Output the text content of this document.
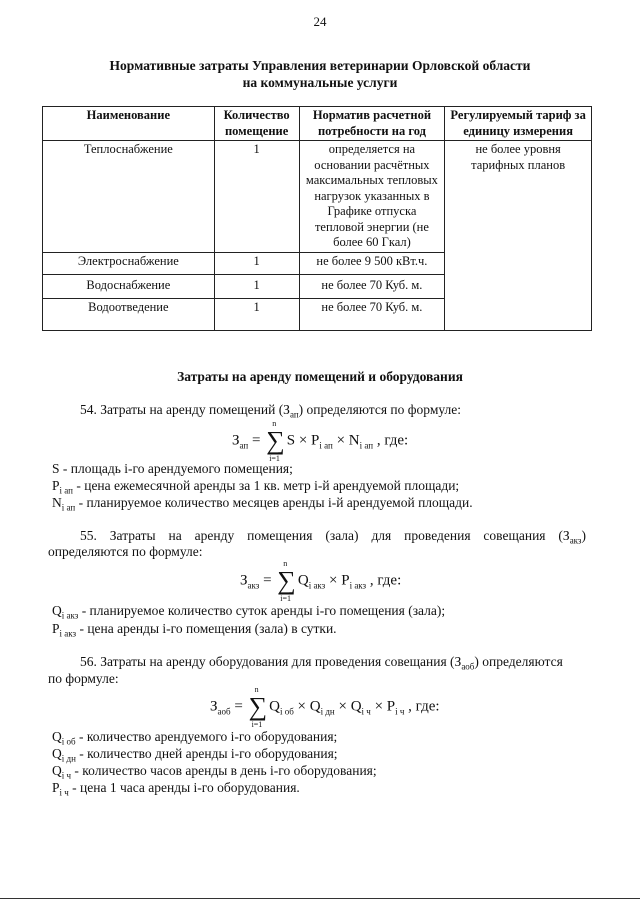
24
Нормативные затраты Управления ветеринарии Орловской области
на коммунальные услуги
Наименование	Количество помещение	Норматив расчетной потребности на год	Регулируемый тариф за единицу измерения
Теплоснабжение	1	определяется на основании расчётных максимальных тепловых нагрузок указанных в Графике отпуска тепловой энергии (не более 60 Гкал)	не более уровня тарифных планов
Электроснабжение	1	не более 9 500 кВт.ч.	
Водоснабжение	1	не более 70 Куб. м.	
Водоотведение	1	не более 70 Куб. м.	
Затраты на аренду помещений и оборудования
54. Затраты на аренду помещений $(З_{ап})$ определяются по формуле:
$З_{ап}$ = ∑
n
i=1
$S \times P_{i ап} \times N_{i ап}$ , где:
S - площадь i-го арендуемого помещения;
$P_{i ап}$ - цена ежемесячной аренды за 1 кв. метр i-й арендуемой площади;
$N_{i ап}$ - планируемое количество месяцев аренды i-й арендуемой площади.
55. Затраты на аренду помещения (зала) для проведения совещания $(З_{акз})$
определяются по формуле:
$З_{акз}$ = ∑
n
i=1
$Q_{i акз} \times P_{i акз}$ , где:
$Q_{i акз}$ - планируемое количество суток аренды i-го помещения (зала);
$P_{i акз}$ - цена аренды i-го помещения (зала) в сутки.
56. Затраты на аренду оборудования для проведения совещания $(З_{аоб})$ определяются
по формуле:
$З_{аоб}$ = ∑
n
i=1
$Q_{i об} \times Q_{i дн} \times Q_{i ч} \times P_{i ч}$ , где:
$Q_{i об}$ - количество арендуемого i-го оборудования;
$Q_{i дн}$ - количество дней аренды i-го оборудования;
$Q_{i ч}$ - количество часов аренды в день i-го оборудования;
$P_{i ч}$ - цена 1 часа аренды i-го оборудования.
